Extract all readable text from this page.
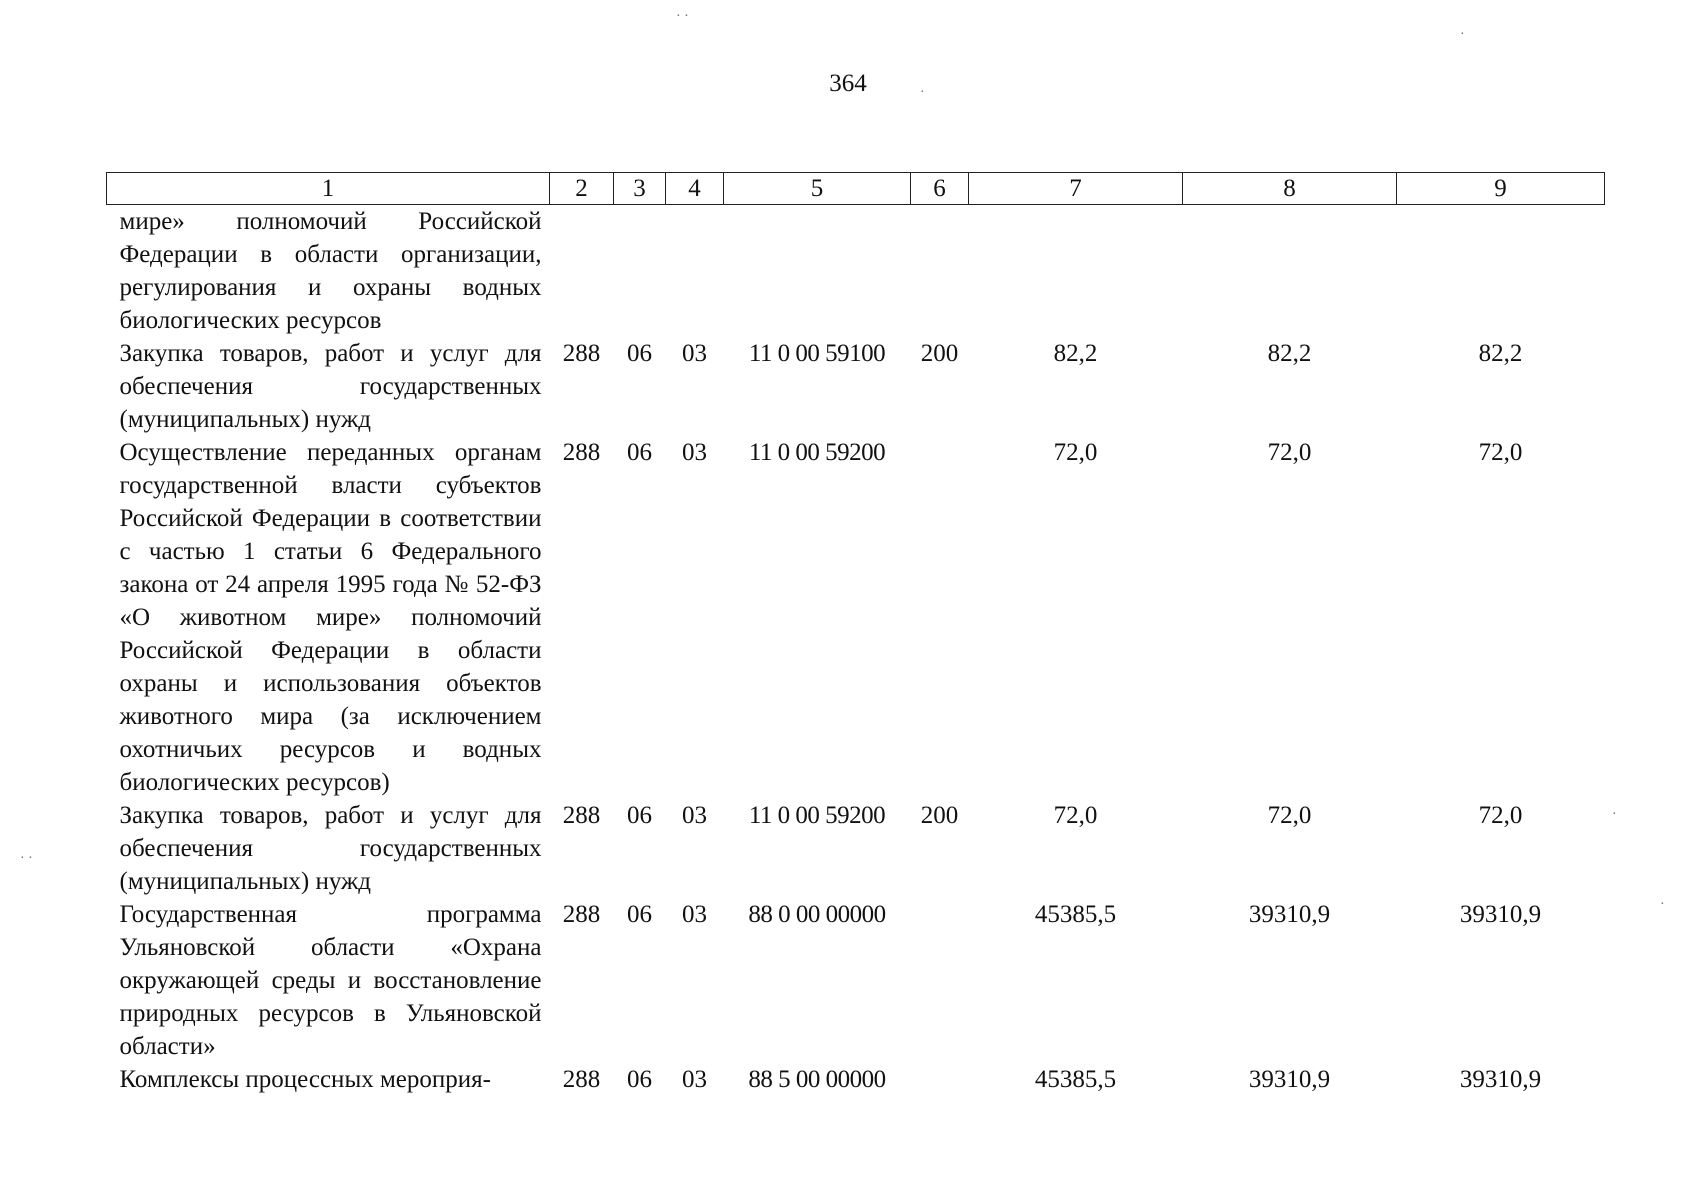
364
1	2	3	4	5	6	7	8	9
мире» полномочий Российской Федерации в области организации, регулирования и охраны водных биологических ресурсов								
Закупка товаров, работ и услуг для обеспечения государственных (муниципальных) нужд	288	06	03	11 0 00 59100	200	82,2	82,2	82,2
Осуществление переданных органам государственной власти субъектов Российской Федерации в соответствии с частью 1 статьи 6 Федерального закона от 24 апреля 1995 года № 52-ФЗ «О животном мире» полномочий Российской Федерации в области охраны и использования объектов животного мира (за исключением охотничьих ресурсов и водных биологических ресурсов)	288	06	03	11 0 00 59200		72,0	72,0	72,0
Закупка товаров, работ и услуг для обеспечения государственных (муниципальных) нужд	288	06	03	11 0 00 59200	200	72,0	72,0	72,0
Государственная программа Ульяновской области «Охрана окружающей среды и восстановление природных ресурсов в Ульяновской области»	288	06	03	88 0 00 00000		45385,5	39310,9	39310,9
Комплексы процессных мероприя-	288	06	03	88 5 00 00000		45385,5	39310,9	39310,9
· ·
·
·
· ·
·
·
